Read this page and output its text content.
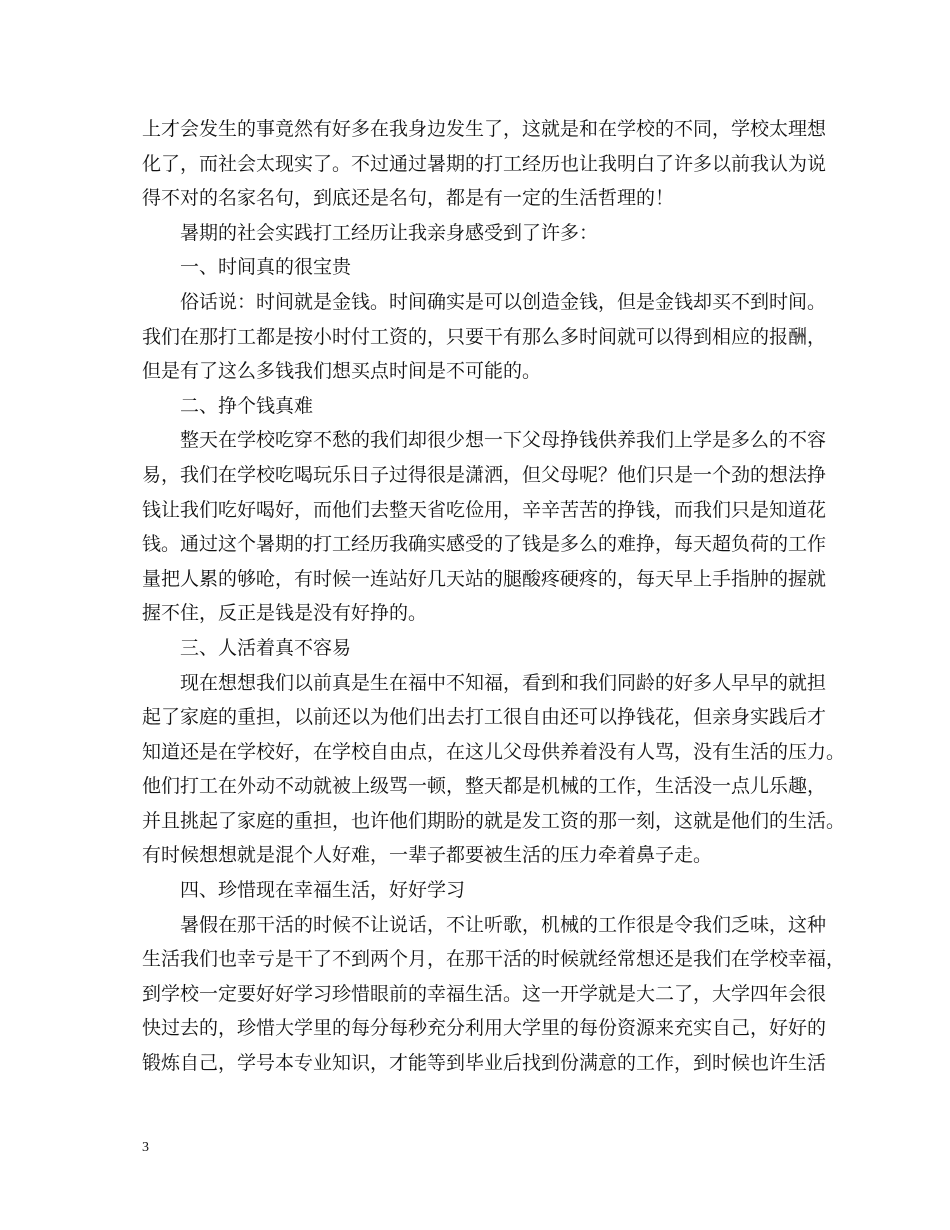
上才会发生的事竟然有好多在我身边发生了，这就是和在学校的不同，学校太理想
化了，而社会太现实了。不过通过暑期的打工经历也让我明白了许多以前我认为说
得不对的名家名句，到底还是名句，都是有一定的生活哲理的！
暑期的社会实践打工经历让我亲身感受到了许多：
一、时间真的很宝贵
俗话说：时间就是金钱。时间确实是可以创造金钱，但是金钱却买不到时间。
我们在那打工都是按小时付工资的，只要干有那么多时间就可以得到相应的报酬，
但是有了这么多钱我们想买点时间是不可能的。
二、挣个钱真难
整天在学校吃穿不愁的我们却很少想一下父母挣钱供养我们上学是多么的不容
易，我们在学校吃喝玩乐日子过得很是潇洒，但父母呢？他们只是一个劲的想法挣
钱让我们吃好喝好，而他们去整天省吃俭用，辛辛苦苦的挣钱，而我们只是知道花
钱。通过这个暑期的打工经历我确实感受的了钱是多么的难挣，每天超负荷的工作
量把人累的够呛，有时候一连站好几天站的腿酸疼硬疼的，每天早上手指肿的握就
握不住，反正是钱是没有好挣的。
三、人活着真不容易
现在想想我们以前真是生在福中不知福，看到和我们同龄的好多人早早的就担
起了家庭的重担，以前还以为他们出去打工很自由还可以挣钱花，但亲身实践后才
知道还是在学校好，在学校自由点，在这儿父母供养着没有人骂，没有生活的压力。
他们打工在外动不动就被上级骂一顿，整天都是机械的工作，生活没一点儿乐趣，
并且挑起了家庭的重担，也许他们期盼的就是发工资的那一刻，这就是他们的生活。
有时候想想就是混个人好难，一辈子都要被生活的压力牵着鼻子走。
四、珍惜现在幸福生活，好好学习
暑假在那干活的时候不让说话，不让听歌，机械的工作很是令我们乏味，这种
生活我们也幸亏是干了不到两个月，在那干活的时候就经常想还是我们在学校幸福，
到学校一定要好好学习珍惜眼前的幸福生活。这一开学就是大二了，大学四年会很
快过去的，珍惜大学里的每分每秒充分利用大学里的每份资源来充实自己，好好的
锻炼自己，学号本专业知识，才能等到毕业后找到份满意的工作，到时候也许生活
3
